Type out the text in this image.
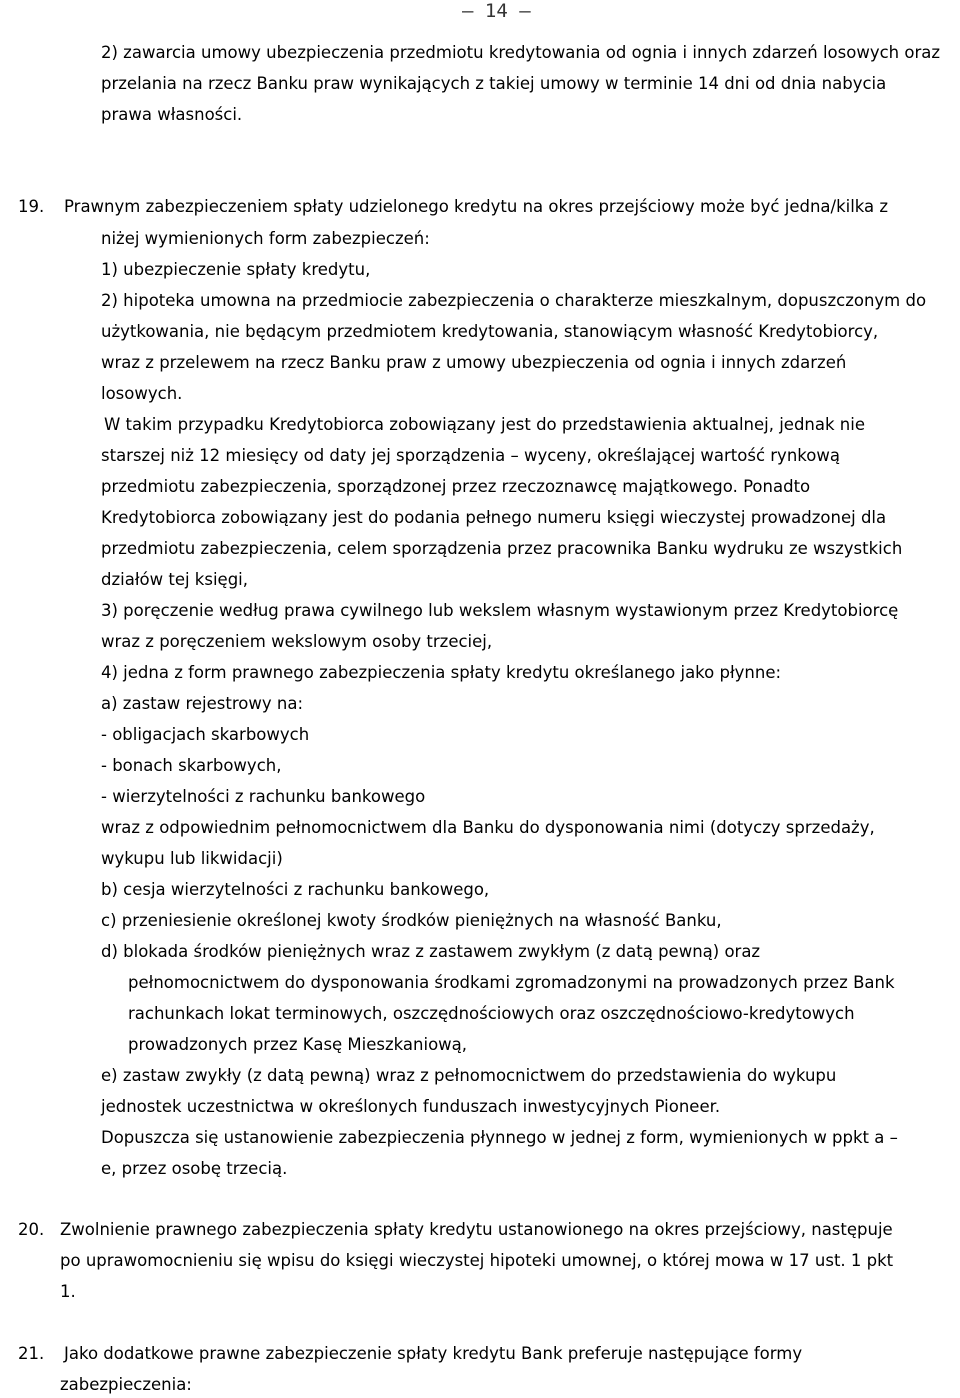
– 14 –

2) zawarcia umowy ubezpieczenia przedmiotu kredytowania od ognia i innych zdarzeń losowych oraz

przelania na rzecz Banku praw wynikających z takiej umowy w terminie 14 dni od dnia nabycia

prawa własności.

19. Prawnym zabezpieczeniem spłaty udzielonego kredytu na okres przejściowy może być jedna/kilka z

niżej wymienionych form zabezpieczeń:

1) ubezpieczenie spłaty kredytu,

2) hipoteka umowna na przedmiocie zabezpieczenia o charakterze mieszkalnym, dopuszczonym do

użytkowania, nie będącym przedmiotem kredytowania, stanowiącym własność Kredytobiorcy,

wraz z przelewem na rzecz Banku praw z umowy ubezpieczenia od ognia i innych zdarzeń

losowych.

W takim przypadku Kredytobiorca zobowiązany jest do przedstawienia aktualnej, jednak nie

starszej niż 12 miesięcy od daty jej sporządzenia – wyceny, określającej wartość rynkową

przedmiotu zabezpieczenia, sporządzonej przez rzeczoznawcę majątkowego. Ponadto

Kredytobiorca zobowiązany jest do podania pełnego numeru księgi wieczystej prowadzonej dla

przedmiotu zabezpieczenia, celem sporządzenia przez pracownika Banku wydruku ze wszystkich

działów tej księgi,

3) poręczenie według prawa cywilnego lub wekslem własnym wystawionym przez Kredytobiorcę

wraz z poręczeniem wekslowym osoby trzeciej,

4) jedna z form prawnego zabezpieczenia spłaty kredytu określanego jako płynne:

a) zastaw rejestrowy na:

- obligacjach skarbowych

- bonach skarbowych,

- wierzytelności z rachunku bankowego

wraz z odpowiednim pełnomocnictwem dla Banku do dysponowania nimi (dotyczy sprzedaży,

wykupu lub likwidacji)

b) cesja wierzytelności z rachunku bankowego,

c) przeniesienie określonej kwoty środków pieniężnych na własność Banku,

d) blokada środków pieniężnych wraz z zastawem zwykłym (z datą pewną) oraz

pełnomocnictwem do dysponowania środkami zgromadzonymi na prowadzonych przez Bank

rachunkach lokat terminowych, oszczędnościowych oraz oszczędnościowo-kredytowych

prowadzonych przez Kasę Mieszkaniową,

e) zastaw zwykły (z datą pewną) wraz z pełnomocnictwem do przedstawienia do wykupu

jednostek uczestnictwa w określonych funduszach inwestycyjnych Pioneer.

Dopuszcza się ustanowienie zabezpieczenia płynnego w jednej z form, wymienionych w ppkt a –

e, przez osobę trzecią.

20. Zwolnienie prawnego zabezpieczenia spłaty kredytu ustanowionego na okres przejściowy, następuje

po uprawomocnieniu się wpisu do księgi wieczystej hipoteki umownej, o której mowa w 17 ust. 1 pkt

1.

21. Jako dodatkowe prawne zabezpieczenie spłaty kredytu Bank preferuje następujące formy

zabezpieczenia:
